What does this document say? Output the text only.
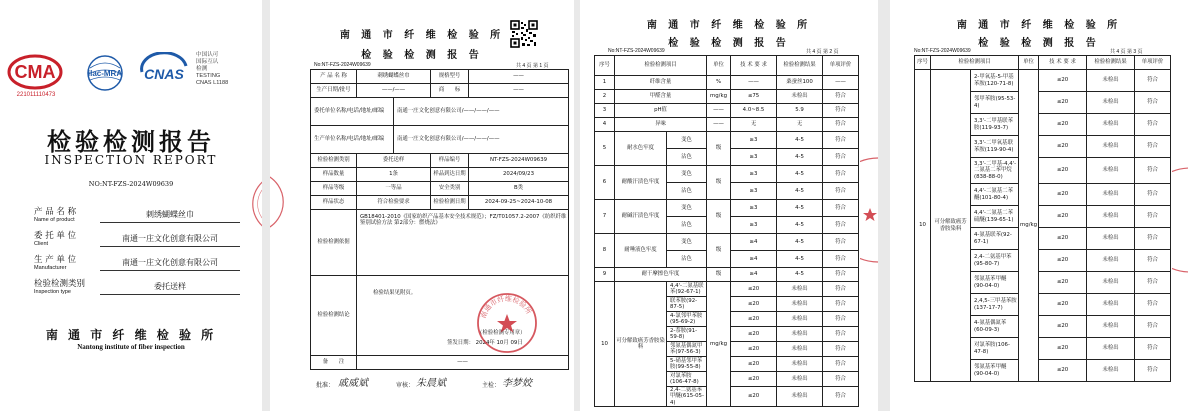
CMA
221011110473
ilac-MRA CNAS
中国认可
国际互认
检测
TESTING
CNAS L1188
检验检测报告
INSPECTION REPORT
NO:NT-FZS-2024W09639
产 品 名 称
Name of product
刺绣蝴蝶丝巾
委 托 单 位
Client
南通一庄文化创意有限公司
生 产 单 位
Manufacturer
南通一庄文化创意有限公司
检验检测类别
Inspection type
委托送样
南 通 市 纤 维 检 验 所
Nantong institute of fiber inspection
南 通 市 纤 维 检 验 所
检 验 检 测 报 告
No:NT-FZS-2024W09639	共 4 页 第 1 页
产 品 名 称	刺绣蝴蝶丝巾		规格型号	——
生产日期/批号	——/——		商　　标	——
委托单位名称/电话/地址/邮编		南通一庄文化创意有限公司/——/——/——		
生产单位名称/电话/地址/邮编		南通一庄文化创意有限公司/——/——/——		
检验检测类别	委托送样		样品编号	NT-FZS-2024W09639
样品数量	1条		样品到达日期	2024/09/23
样品等级	一等品		安全类别	B类
样品状态	符合检验要求		检验检测日期	2024-09-25~2024-10-08
检验检测依据	GB18401-2010《国家纺织产品基本安全技术规范》；FZ/T01057.2-2007《纺织纤维鉴别试验方法 第2部分：燃烧法》			
检验检测结论	检验结果见附页。
（检验检测专用章）
签发日期： 2024年 10月 09日			

备　　注	——			
南通市纤维检验所
批准： 戚威斌	审核： 朱晨斌	主检： 李梦姣
南 通 市 纤 维 检 验 所
检 验 检 测 报 告
No:NT-FZS-2024W09639	共 4 页 第 2 页
序号	检验检测项目		单位	技 术 要 求	检验检测结果	单项评价
1	纤维含量		%	——	桑蚕丝100	——
2	甲醛含量		mg/kg	≤75	未检出	符合
3	pH值		——	4.0~8.5	5.9	符合
4	异味		——	无	无	符合
5	耐水色牢度	变色	级	≥3	4-5	符合
		沾色		≥3	4-5	符合
6	耐酸汗渍色牢度	变色	级	≥3	4-5	符合
		沾色		≥3	4-5	符合
7	耐碱汗渍色牢度	变色	级	≥3	4-5	符合
		沾色		≥3	4-5	符合
8	耐唾液色牢度	变色	级	≥4	4-5	符合
		沾色		≥4	4-5	符合
9	耐干摩擦色牢度		级	≥4	4-5	符合
10	可分解致癌芳香胺染料	4,4'-二氨基联苯(92-67-1)	mg/kg	≤20	未检出	符合
		联苯胺(92-87-5)		≤20	未检出	符合
		4-氯邻甲苯胺(95-69-2)		≤20	未检出	符合
		2-萘胺(91-59-8)		≤20	未检出	符合
		邻氨基偶氮甲苯(97-56-3)		≤20	未检出	符合
		5-硝基邻甲苯胺(99-55-8)		≤20	未检出	符合
		对氯苯胺(106-47-8)		≤20	未检出	符合
		2,4-二氨基苯甲醚(615-05-4)		≤20	未检出	符合
南 通 市 纤 维 检 验 所
检 验 检 测 报 告
No:NT-FZS-2024W09639	共 4 页 第 3 页
序号	检验检测项目		单位	技 术 要 求	检验检测结果	单项评价
10	可分解致癌芳香胺染料	2-甲氧基-5-甲基苯胺(120-71-8)	mg/kg	≤20	未检出	符合
		邻甲苯胺(95-53-4)		≤20	未检出	符合
		3,3'-二甲基联苯胺(119-93-7)		≤20	未检出	符合
		3,3'-二甲氧基联苯胺(119-90-4)		≤20	未检出	符合
		3,3'-二甲基-4,4'-二氨基二苯甲烷(838-88-0)		≤20	未检出	符合
		4,4'-二氨基二苯醚(101-80-4)		≤20	未检出	符合
		4,4'-二氨基二苯硫醚(139-65-1)		≤20	未检出	符合
		4-氨基联苯(92-67-1)		≤20	未检出	符合
		2,4-二氨基甲苯(95-80-7)		≤20	未检出	符合
		邻氨基苯甲醚(90-04-0)		≤20	未检出	符合
		2,4,5-三甲基苯胺(137-17-7)		≤20	未检出	符合
		4-氨基偶氮苯(60-09-3)		≤20	未检出	符合
		对氯苯胺(106-47-8)		≤20	未检出	符合
		邻氨基苯甲醚(90-04-0)		≤20	未检出	符合
